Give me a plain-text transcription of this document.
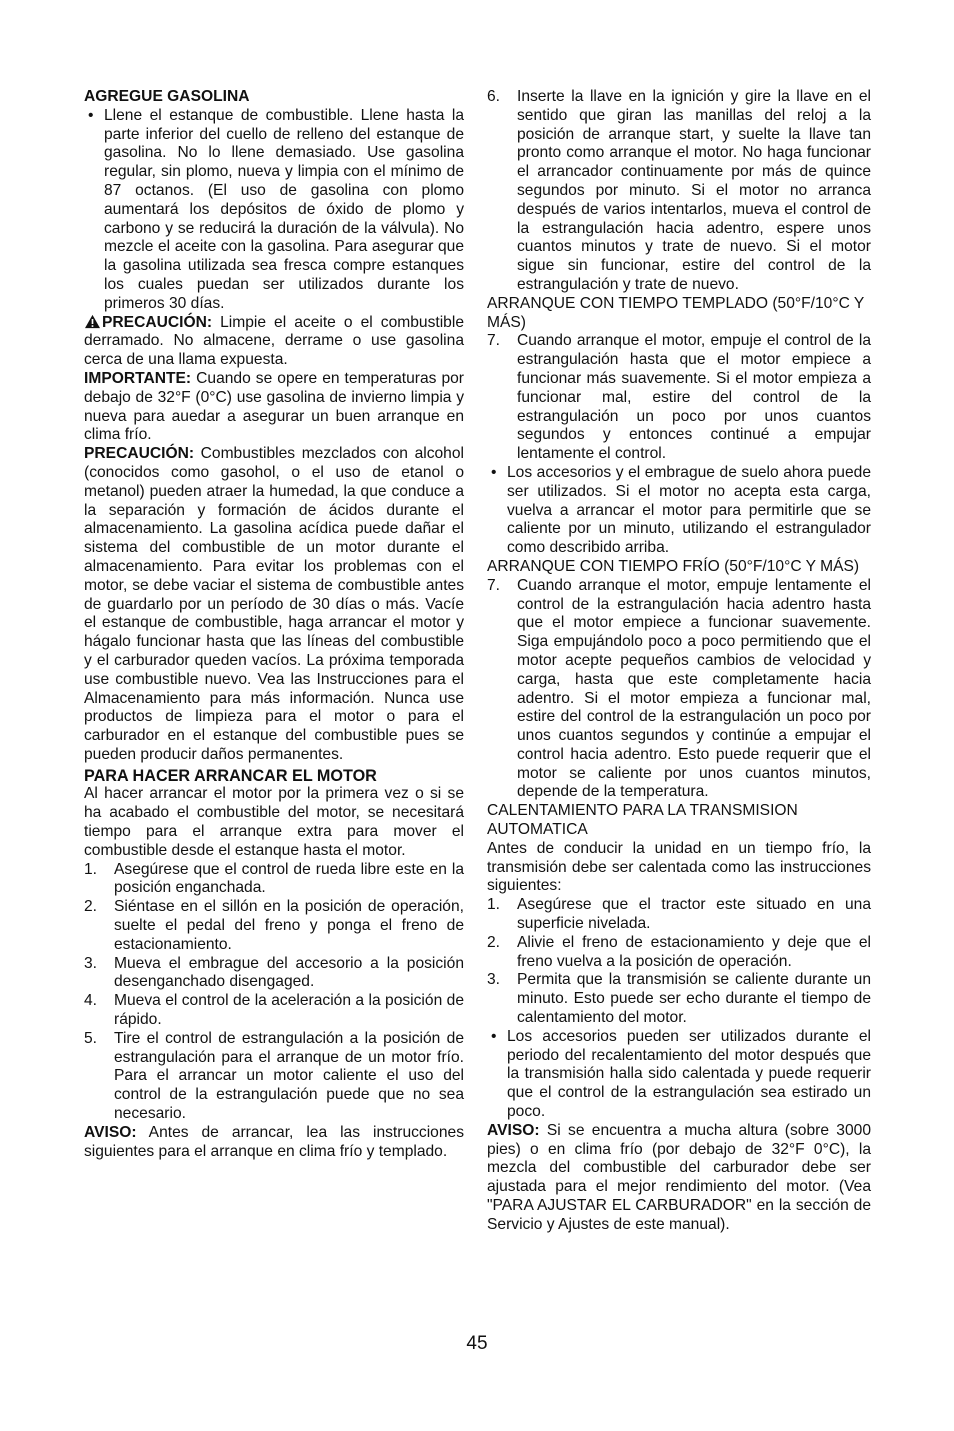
AGREGUE GASOLINA

• Llene el estanque de combustible. Llene hasta la parte inferior del cuello de relleno del estanque de gasolina. No lo llene demasiado. Use gasolina regular, sin plomo, nueva y limpia con el mínimo de 87 octanos. (El uso de gasolina con plomo aumentará los depósitos de óxido de plomo y carbono y se reducirá la duración de la válvula). No mezcle el aceite con la gasolina. Para asegurar que la gasolina utilizada sea fresca compre estanques los cuales puedan ser utilizados durante los primeros 30 días.

PRECAUCIÓN: Limpie el aceite o el combustible derramado. No almacene, derrame o use gasolina cerca de una llama expuesta.

IMPORTANTE: Cuando se opere en temperaturas por debajo de 32°F (0°C) use gasolina de invierno limpia y nueva para auedar a asegurar un buen arranque en clima frío.

PRECAUCIÓN: Combustibles mezclados con alcohol (conocidos como gasohol, o el uso de etanol o metanol) pueden atraer la humedad, la que conduce a la separación y formación de ácidos durante el almacenamiento. La gasolina acídica puede dañar el sistema del combustible de un motor durante el almacenamiento. Para evitar los problemas con el motor, se debe vaciar el sistema de combustible antes de guardarlo por un período de 30 días o más. Vacíe el estanque de combustible, haga arrancar el motor y hágalo funcionar hasta que las líneas del combustible y el carburador queden vacíos. La próxima temporada use combustible nuevo. Vea las Instrucciones para el Almacenamiento para más información. Nunca use productos de limpieza para el motor o para el carburador en el estanque del combustible pues se pueden producir daños permanentes.

PARA HACER ARRANCAR EL MOTOR

Al hacer arrancar el motor por la primera vez o si se ha acabado el combustible del motor, se necesitará tiempo para el arranque extra para mover el combustible desde el estanque hasta el motor.

1. Asegúrese que el control de rueda libre este en la posición enganchada.
2. Siéntase en el sillón en la posición de operación, suelte el pedal del freno y ponga el freno de estacionamiento.
3. Mueva el embrague del accesorio a la posición desenganchado disengaged.
4. Mueva el control de la aceleración a la posición de rápido.
5. Tire el control de estrangulación a la posición de estrangulación para el arranque de un motor frío. Para el arrancar un motor caliente el uso del control de la estrangulación puede que no sea necesario.

AVISO: Antes de arrancar, lea las instrucciones siguientes para el arranque en clima frío y templado.

6. Inserte la llave en la ignición y gire la llave en el sentido que giran las manillas del reloj a la posición de arranque start, y suelte la llave tan pronto como arranque el motor. No haga funcionar el arrancador continuamente por más de quince segundos por minuto. Si el motor no arranca después de varios intentarlos, mueva el control de la estrangulación hacia adentro, espere unos cuantos minutos y trate de nuevo. Si el motor sigue sin funcionar, estire del control de la estrangulación y trate de nuevo.

ARRANQUE CON TIEMPO TEMPLADO (50°F/10°C Y MÁS)

7. Cuando arranque el motor, empuje el control de la estrangulación hasta que el motor empiece a funcionar más suavemente. Si el motor empieza a funcionar mal, estire del control de la estrangulación un poco por unos cuantos segundos y entonces continué a empujar lentamente el control.
• Los accesorios y el embrague de suelo ahora puede ser utilizados. Si el motor no acepta esta carga, vuelva a arrancar el motor para permitirle que se caliente por un minuto, utilizando el estrangulador como describido arriba.

ARRANQUE CON TIEMPO FRÍO (50°F/10°C Y MÁS)

7. Cuando arranque el motor, empuje lentamente el control de la estrangulación hacia adentro hasta que el motor empiece a funcionar suavemente. Siga empujándolo poco a poco permitiendo que el motor acepte pequeños cambios de velocidad y carga, hasta que este completamente hacia adentro. Si el motor empieza a funcionar mal, estire del control de la estrangulación un poco por unos cuantos segundos y continúe a empujar el control hacia adentro. Esto puede requerir que el motor se caliente por unos cuantos minutos, depende de la temperatura.

CALENTAMIENTO PARA LA TRANSMISION AUTOMATICA

Antes de conducir la unidad en un tiempo frío, la transmisión debe ser calentada como las instrucciones siguientes:

1. Asegúrese que el tractor este situado en una superficie nivelada.
2. Alivie el freno de estacionamiento y deje que el freno vuelva a la posición de operación.
3. Permita que la transmisión se caliente durante un minuto. Esto puede ser echo durante el tiempo de calentamiento del motor.
• Los accesorios pueden ser utilizados durante el periodo del recalentamiento del motor después que la transmisión halla sido calentada y puede requerir que el control de la estrangulación sea estirado un poco.

AVISO: Si se encuentra a mucha altura (sobre 3000 pies) o en clima frío (por debajo de 32°F 0°C), la mezcla del combustible del carburador debe ser ajustada para el mejor rendimiento del motor. (Vea "PARA AJUSTAR EL CARBURADOR" en la sección de Servicio y Ajustes de este manual).

45
